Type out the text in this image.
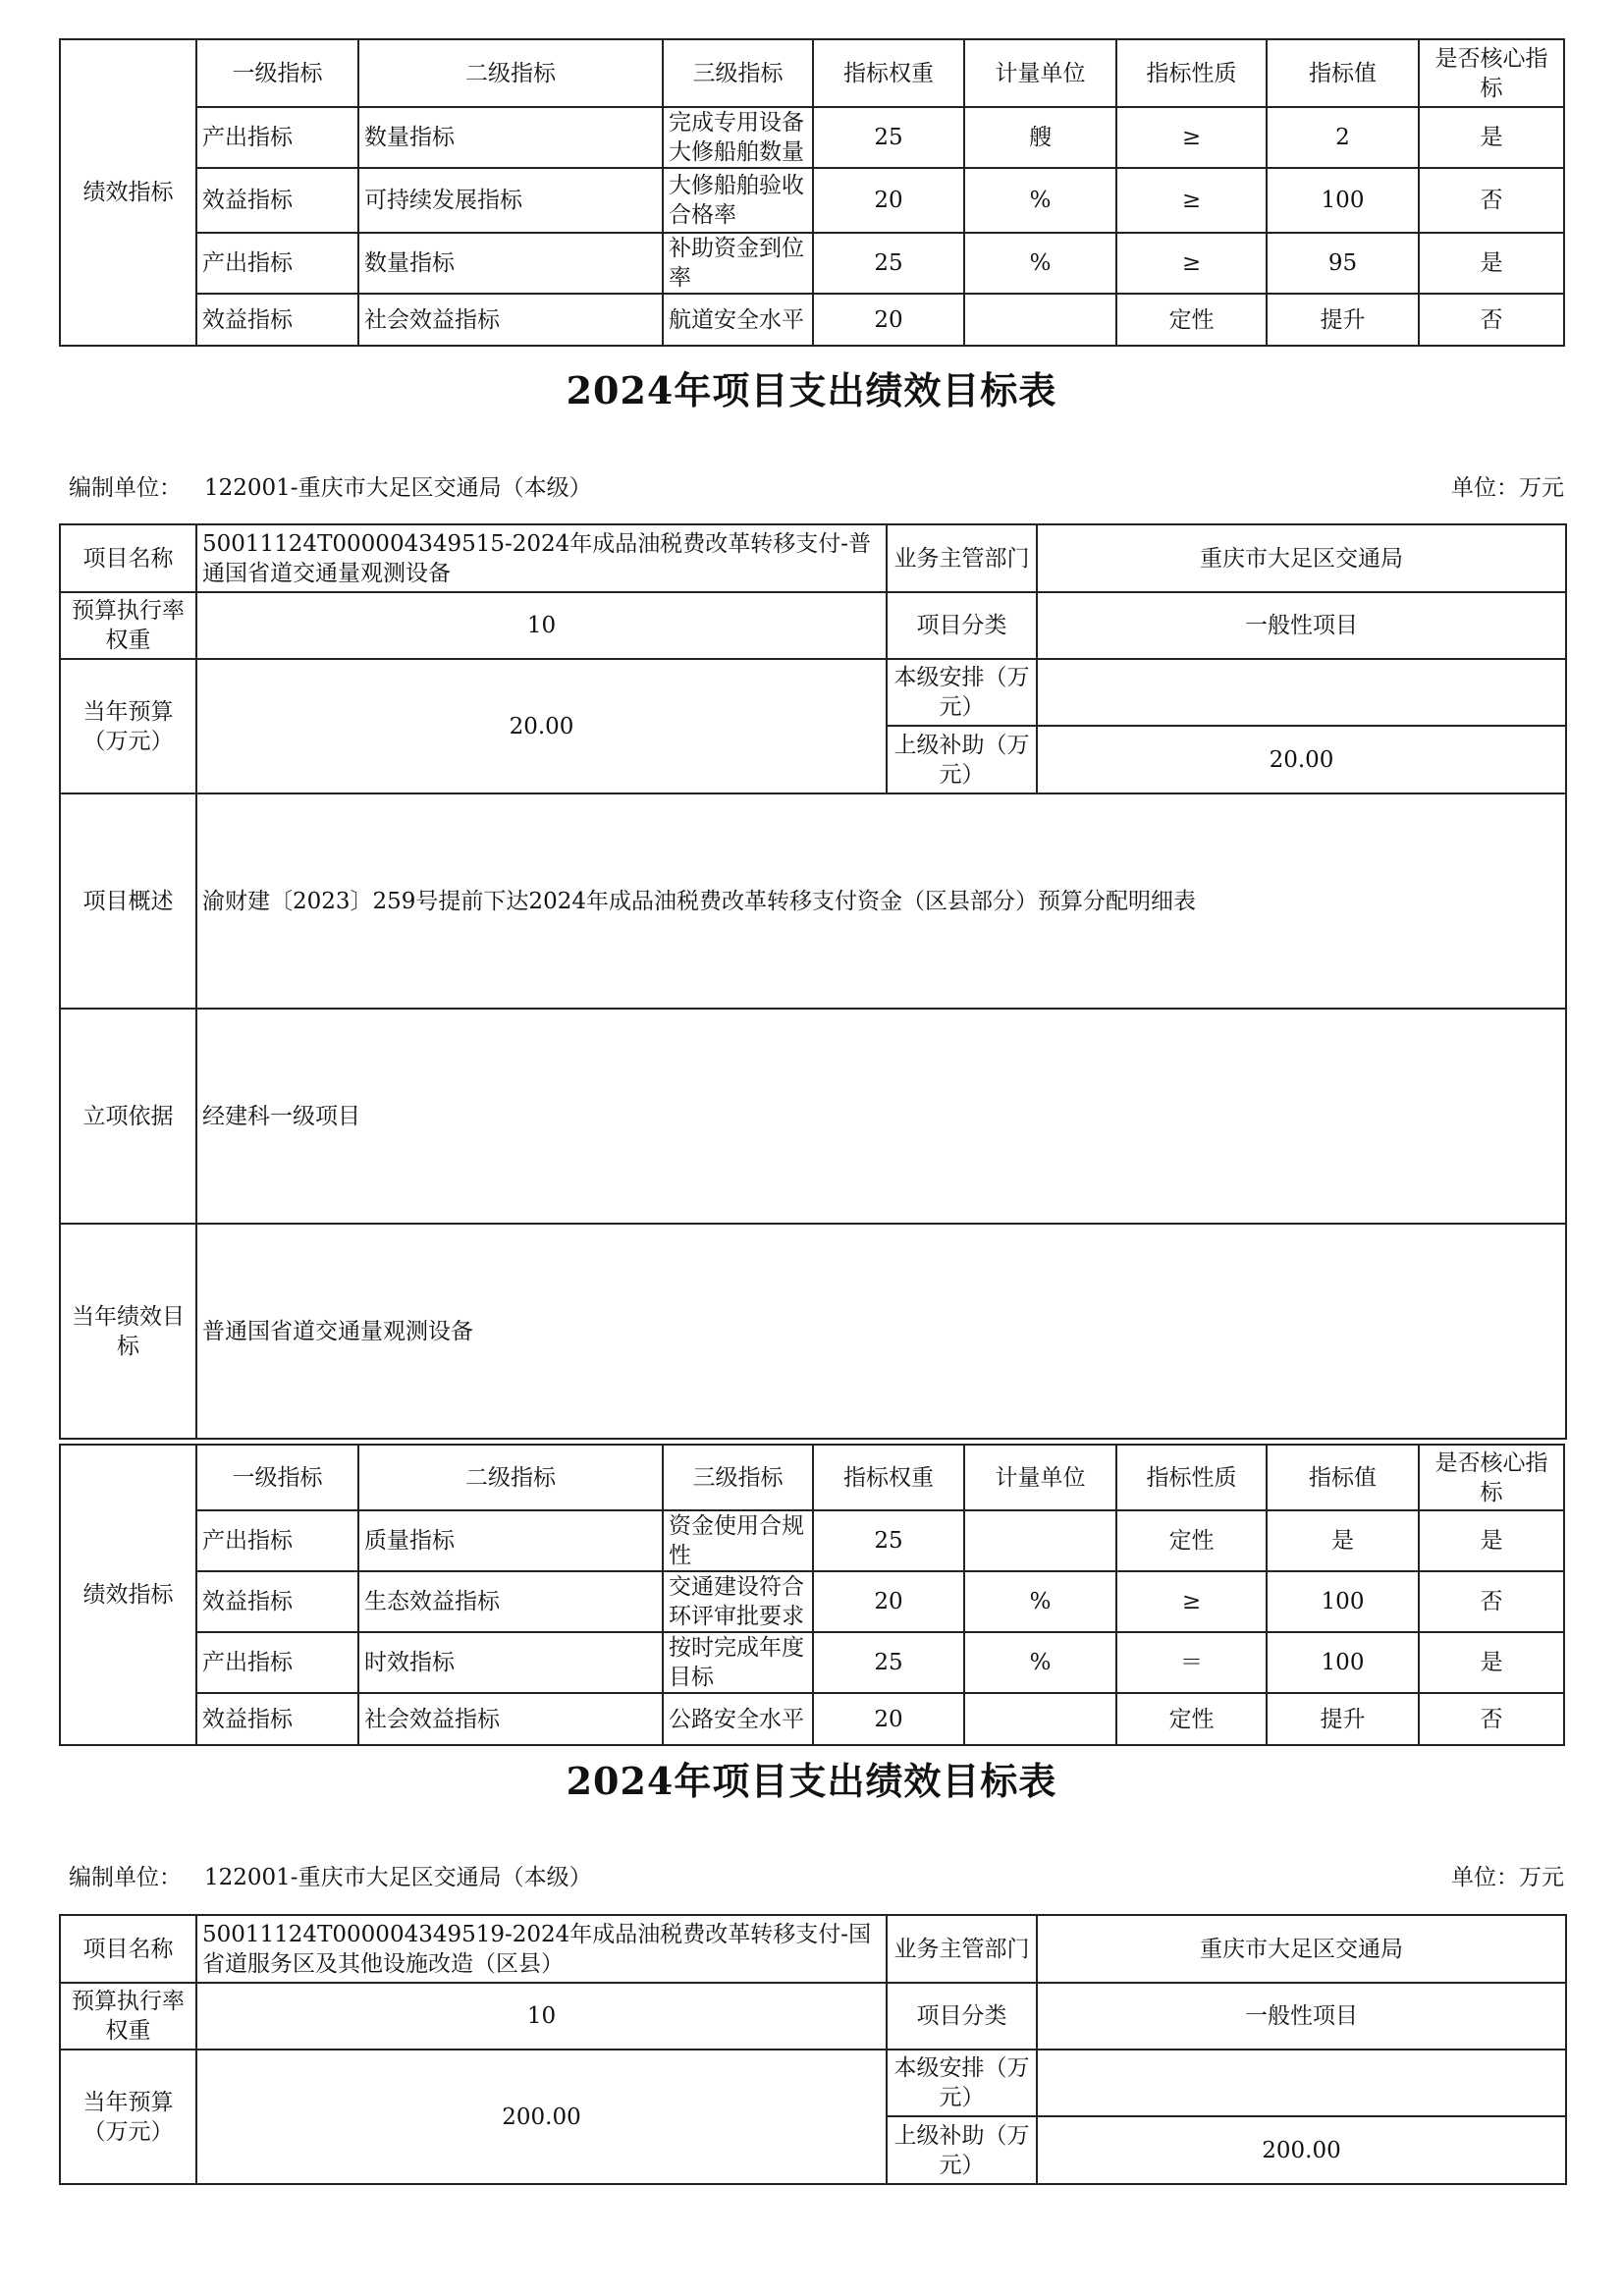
绩效指标	一级指标	二级指标	三级指标	指标权重	计量单位	指标性质	指标值	是否核心指标
	产出指标	数量指标	完成专用设备大修船舶数量	25	艘	≥	2	是
	效益指标	可持续发展指标	大修船舶验收合格率	20	%	≥	100	否
	产出指标	数量指标	补助资金到位率	25	%	≥	95	是
	效益指标	社会效益指标	航道安全水平	20		定性	提升	否
2024年项目支出绩效目标表
编制单位： 122001-重庆市大足区交通局（本级）	单位：万元
项目名称	50011124T000004349515-2024年成品油税费改革转移支付-普通国省道交通量观测设备	业务主管部门	重庆市大足区交通局
预算执行率权重	10	项目分类	一般性项目
当年预算（万元）	20.00	本级安排（万元）	
		上级补助（万元）	20.00
项目概述	渝财建〔2023〕259号提前下达2024年成品油税费改革转移支付资金（区县部分）预算分配明细表		
立项依据	经建科一级项目		
当年绩效目标	普通国省道交通量观测设备		
绩效指标	一级指标	二级指标	三级指标	指标权重	计量单位	指标性质	指标值	是否核心指标
	产出指标	质量指标	资金使用合规性	25		定性	是	是
	效益指标	生态效益指标	交通建设符合环评审批要求	20	%	≥	100	否
	产出指标	时效指标	按时完成年度目标	25	%	＝	100	是
	效益指标	社会效益指标	公路安全水平	20		定性	提升	否
2024年项目支出绩效目标表
编制单位： 122001-重庆市大足区交通局（本级）	单位：万元
项目名称	50011124T000004349519-2024年成品油税费改革转移支付-国省道服务区及其他设施改造（区县）	业务主管部门	重庆市大足区交通局
预算执行率权重	10	项目分类	一般性项目
当年预算（万元）	200.00	本级安排（万元）	
		上级补助（万元）	200.00
